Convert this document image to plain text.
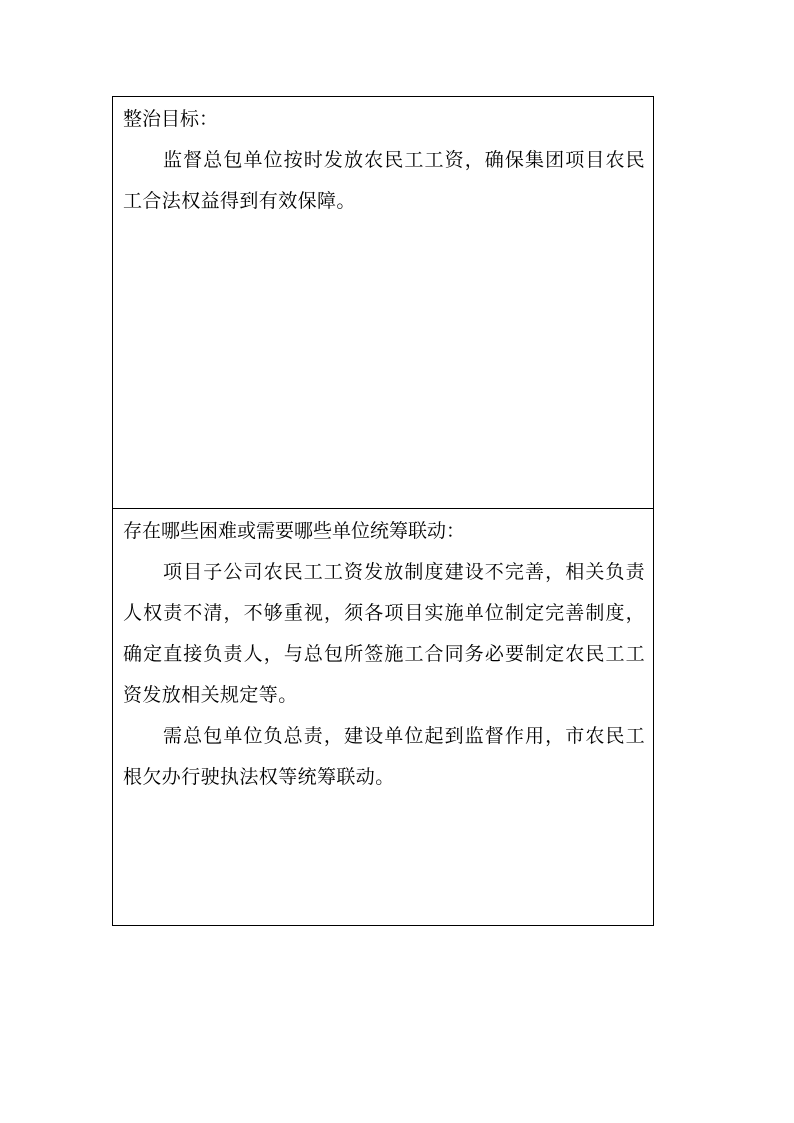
整治目标：

监督总包单位按时发放农民工工资，确保集团项目农民工合法权益得到有效保障。

存在哪些困难或需要哪些单位统筹联动：

项目子公司农民工工资发放制度建设不完善，相关负责人权责不清，不够重视，须各项目实施单位制定完善制度，确定直接负责人，与总包所签施工合同务必要制定农民工工资发放相关规定等。

需总包单位负总责，建设单位起到监督作用，市农民工根欠办行驶执法权等统筹联动。
